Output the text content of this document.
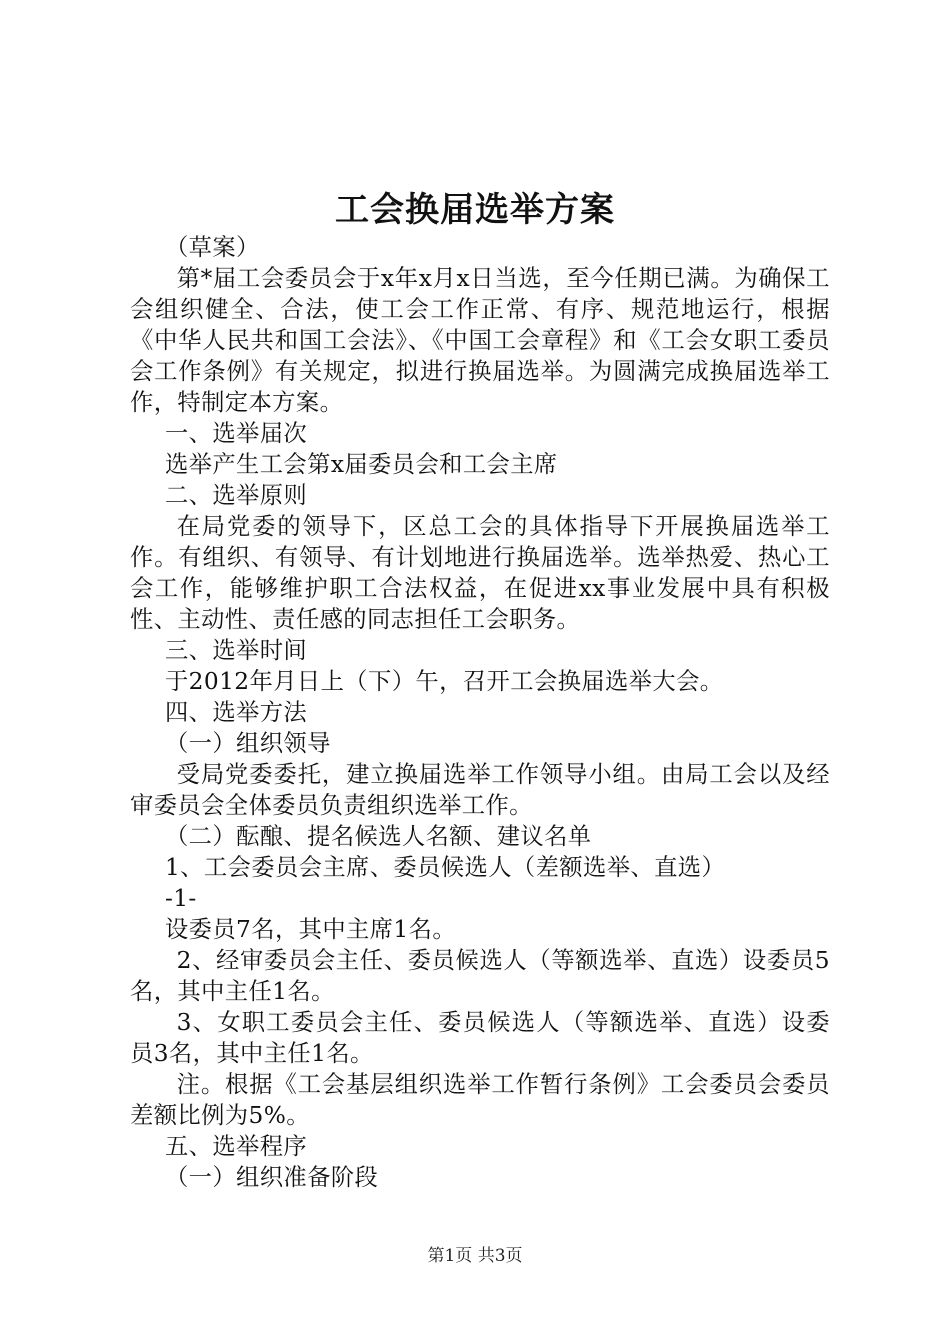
工会换届选举方案

（草案）

第*届工会委员会于x年x月x日当选，至今任期已满。为确保工会组织健全、合法，使工会工作正常、有序、规范地运行，根据《中华人民共和国工会法》、《中国工会章程》和《工会女职工委员会工作条例》有关规定，拟进行换届选举。为圆满完成换届选举工作，特制定本方案。

一、选举届次

选举产生工会第x届委员会和工会主席

二、选举原则

在局党委的领导下，区总工会的具体指导下开展换届选举工作。有组织、有领导、有计划地进行换届选举。选举热爱、热心工会工作，能够维护职工合法权益，在促进xx事业发展中具有积极性、主动性、责任感的同志担任工会职务。

三、选举时间

于2012年月日上（下）午，召开工会换届选举大会。

四、选举方法

（一）组织领导

受局党委委托，建立换届选举工作领导小组。由局工会以及经审委员会全体委员负责组织选举工作。

（二）酝酿、提名候选人名额、建议名单

1、工会委员会主席、委员候选人（差额选举、直选）

-1-

设委员7名，其中主席1名。

2、经审委员会主任、委员候选人（等额选举、直选）设委员5名，其中主任1名。

3、女职工委员会主任、委员候选人（等额选举、直选）设委员3名，其中主任1名。

注。根据《工会基层组织选举工作暂行条例》工会委员会委员差额比例为5%。

五、选举程序

（一）组织准备阶段

第1页 共3页
